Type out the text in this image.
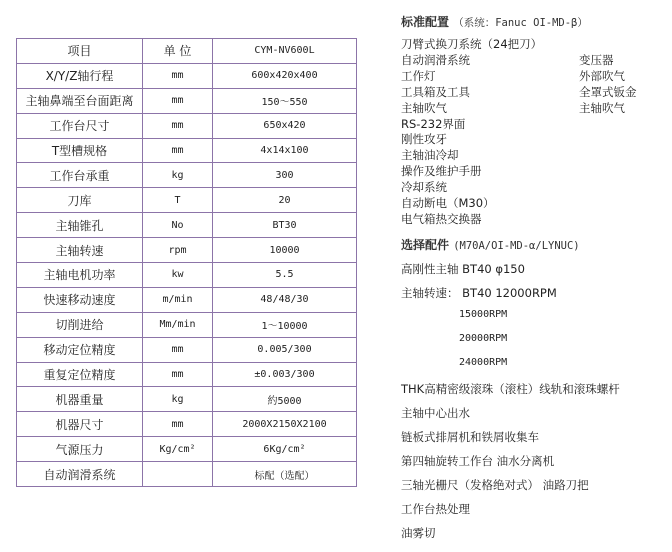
项目	单 位	CYM-NV600L
X/Y/Z轴行程	mm	600x420x400
主轴鼻端至台面距离	mm	150～550
工作台尺寸	mm	650x420
T型槽规格	mm	4x14x100
工作台承重	kg	300
刀库	T	20
主轴锥孔	No	BT30
主轴转速	rpm	10000
主轴电机功率	kw	5.5
快速移动速度	m/min	48/48/30
切削进给	Mm/min	1～10000
移动定位精度	mm	0.005/300
重复定位精度	mm	±0.003/300
机器重量	kg	約5000
机器尺寸	mm	2000X2150X2100
气源压力	Kg/cm²	6Kg/cm²
自动润滑系统		标配（选配）
标准配置 （系统：Fanuc OI-MD-β）
刀臂式换刀系统（24把刀）
自动润滑系统
工作灯
工具箱及工具
主轴吹气
RS-232界面
刚性攻牙
主轴油冷却
操作及维护手册
冷却系统
自动断电（M30）
电气箱热交换器
变压器
外部吹气
全罩式钣金
主轴吹气
选择配件 (M70A/OI-MD-α/LYNUC)
高刚性主轴 BT40 φ150
主轴转速： BT40 12000RPM
15000RPM
20000RPM
24000RPM
THK高精密级滚珠（滚柱）线轨和滚珠螺杆
主轴中心出水
链板式排屑机和铁屑收集车
第四轴旋转工作台 油水分离机
三轴光栅尺（发格绝对式） 油路刀把
工作台热处理
油雾切
